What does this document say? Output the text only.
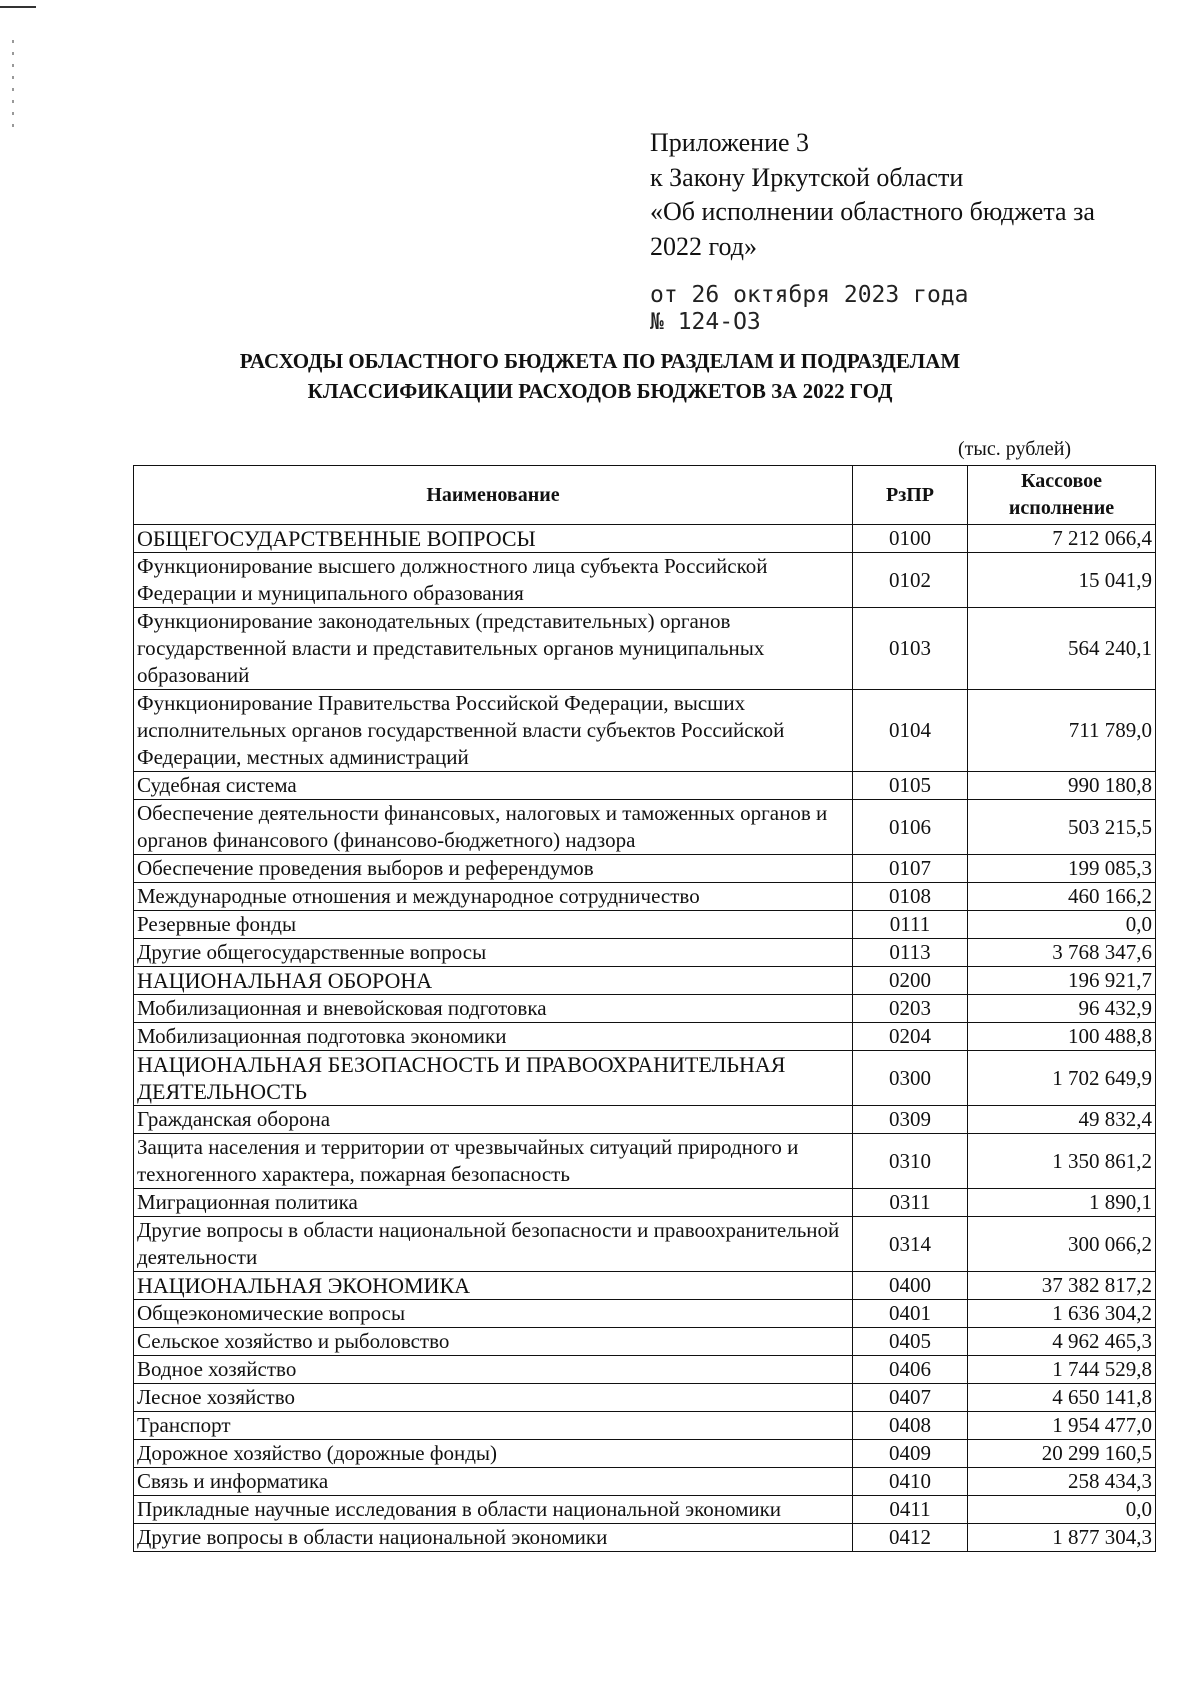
Приложение 3
к Закону Иркутской области
«Об исполнении областного бюджета за
2022 год»
от 26 октября 2023 года
№ 124-ОЗ
РАСХОДЫ ОБЛАСТНОГО БЮДЖЕТА ПО РАЗДЕЛАМ И ПОДРАЗДЕЛАМ
КЛАССИФИКАЦИИ РАСХОДОВ БЮДЖЕТОВ ЗА 2022 ГОД
(тыс. рублей)
Наименование	РзПР	Кассовое
исполнение

ОБЩЕГОСУДАРСТВЕННЫЕ ВОПРОСЫ	0100	7 212 066,4
Функционирование высшего должностного лица субъекта Российской Федерации и муниципального образования	0102	15 041,9
Функционирование законодательных (представительных) органов государственной власти и представительных органов муниципальных образований	0103	564 240,1
Функционирование Правительства Российской Федерации, высших исполнительных органов государственной власти субъектов Российской Федерации, местных администраций	0104	711 789,0
Судебная система	0105	990 180,8
Обеспечение деятельности финансовых, налоговых и таможенных органов и органов финансового (финансово-бюджетного) надзора	0106	503 215,5
Обеспечение проведения выборов и референдумов	0107	199 085,3
Международные отношения и международное сотрудничество	0108	460 166,2
Резервные фонды	0111	0,0
Другие общегосударственные вопросы	0113	3 768 347,6
НАЦИОНАЛЬНАЯ ОБОРОНА	0200	196 921,7
Мобилизационная и вневойсковая подготовка	0203	96 432,9
Мобилизационная подготовка экономики	0204	100 488,8
НАЦИОНАЛЬНАЯ БЕЗОПАСНОСТЬ И ПРАВООХРАНИТЕЛЬНАЯ ДЕЯТЕЛЬНОСТЬ	0300	1 702 649,9
Гражданская оборона	0309	49 832,4
Защита населения и территории от чрезвычайных ситуаций природного и техногенного характера, пожарная безопасность	0310	1 350 861,2
Миграционная политика	0311	1 890,1
Другие вопросы в области национальной безопасности и правоохранительной деятельности	0314	300 066,2
НАЦИОНАЛЬНАЯ ЭКОНОМИКА	0400	37 382 817,2
Общеэкономические вопросы	0401	1 636 304,2
Сельское хозяйство и рыболовство	0405	4 962 465,3
Водное хозяйство	0406	1 744 529,8
Лесное хозяйство	0407	4 650 141,8
Транспорт	0408	1 954 477,0
Дорожное хозяйство (дорожные фонды)	0409	20 299 160,5
Связь и информатика	0410	258 434,3
Прикладные научные исследования в области национальной экономики	0411	0,0
Другие вопросы в области национальной экономики	0412	1 877 304,3
